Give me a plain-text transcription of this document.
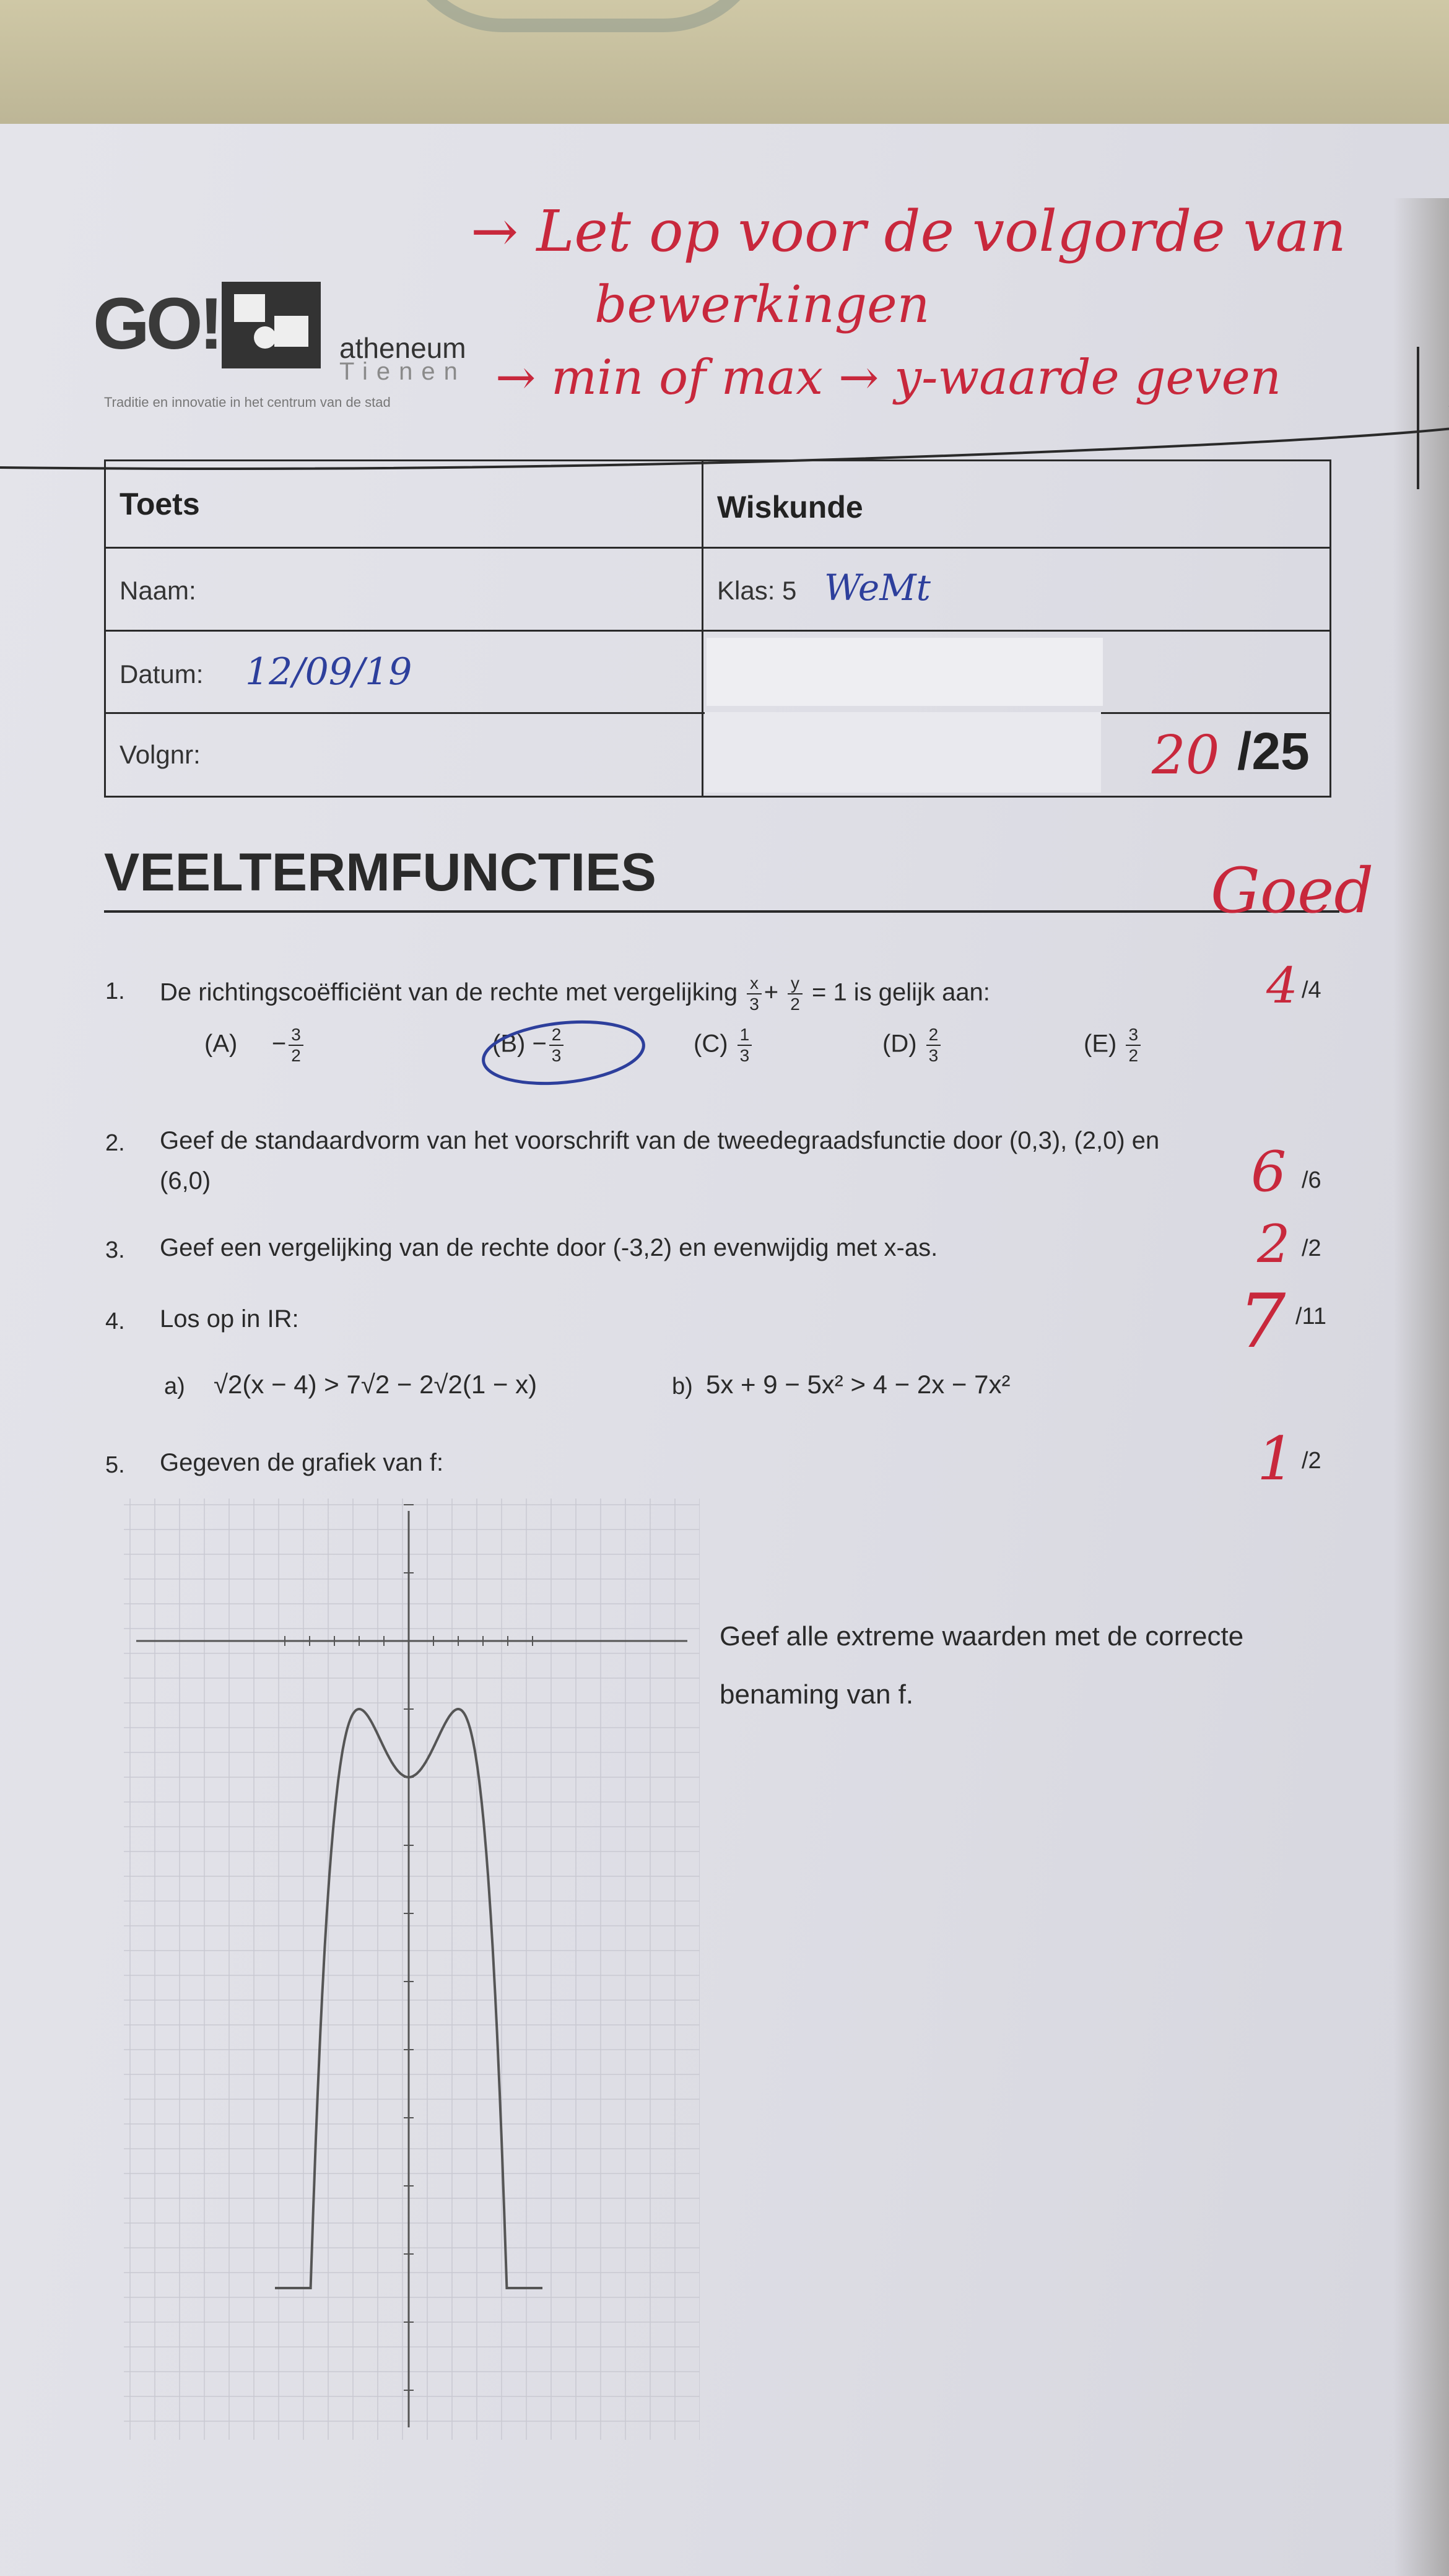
→ Let op voor de volgorde van
bewerkingen
→ min of max → y-waarde geven
GO!	atheneum
Tienen
Traditie en innovatie in het centrum van de stad
Toets	Wiskunde
Naam:	Klas: 5 WeMt
Datum: 12/09/19
Volgnr:	20 /25
VEELTERMFUNCTIES	Goed
1. De richtingscoëfficiënt van de rechte met vergelijking $\frac{x}{3} + \frac{y}{2} = 1$ is gelijk aan:	4 /4
(A)     − $\frac{3}{2}$	$(B) - \frac{2}{3}$	$(C) \frac{1}{3}$	$(D) \frac{2}{3}$	$(E) \frac{3}{2}$
2. Geef de standaardvorm van het voorschrift van de tweedegraadsfunctie door (0,3), (2,0) en
(6,0)	6 /6
3. Geef een vergelijking van de rechte door (-3,2) en evenwijdig met x-as.	2 /2
4. Los op in IR:	7 /11
a) √2(x − 4) > 7√2 − 2√2(1 − x)	b) 5x + 9 − 5x² > 4 − 2x − 7x²
5. Gegeven de grafiek van f:	1 /2
Geef alle extreme waarden met de correcte
benaming van f.
